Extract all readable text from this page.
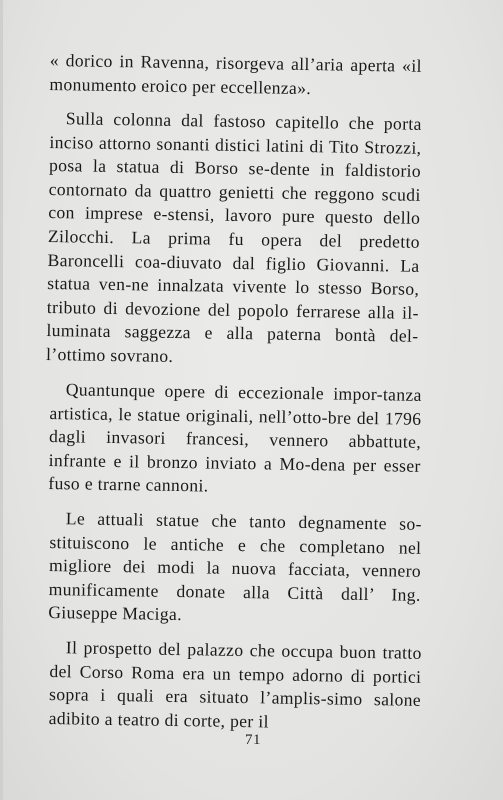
« dorico in Ravenna, risorgeva all’aria aperta «il monumento eroico per eccellenza».

Sulla colonna dal fastoso capitello che porta inciso attorno sonanti distici latini di Tito Strozzi, posa la statua di Borso se-dente in faldistorio contornato da quattro genietti che reggono scudi con imprese e-stensi, lavoro pure questo dello Zilocchi. La prima fu opera del predetto Baroncelli coa-diuvato dal figlio Giovanni. La statua ven-ne innalzata vivente lo stesso Borso, tributo di devozione del popolo ferrarese alla il-luminata saggezza e alla paterna bontà del-l’ottimo sovrano.

Quantunque opere di eccezionale impor-tanza artistica, le statue originali, nell’otto-bre del 1796 dagli invasori francesi, vennero abbattute, infrante e il bronzo inviato a Mo-dena per esser fuso e trarne cannoni.

Le attuali statue che tanto degnamente so-stituiscono le antiche e che completano nel migliore dei modi la nuova facciata, vennero munificamente donate alla Città dall’ Ing. Giuseppe Maciga.

Il prospetto del palazzo che occupa buon tratto del Corso Roma era un tempo adorno di portici sopra i quali era situato l’amplis-simo salone adibito a teatro di corte, per il

71
